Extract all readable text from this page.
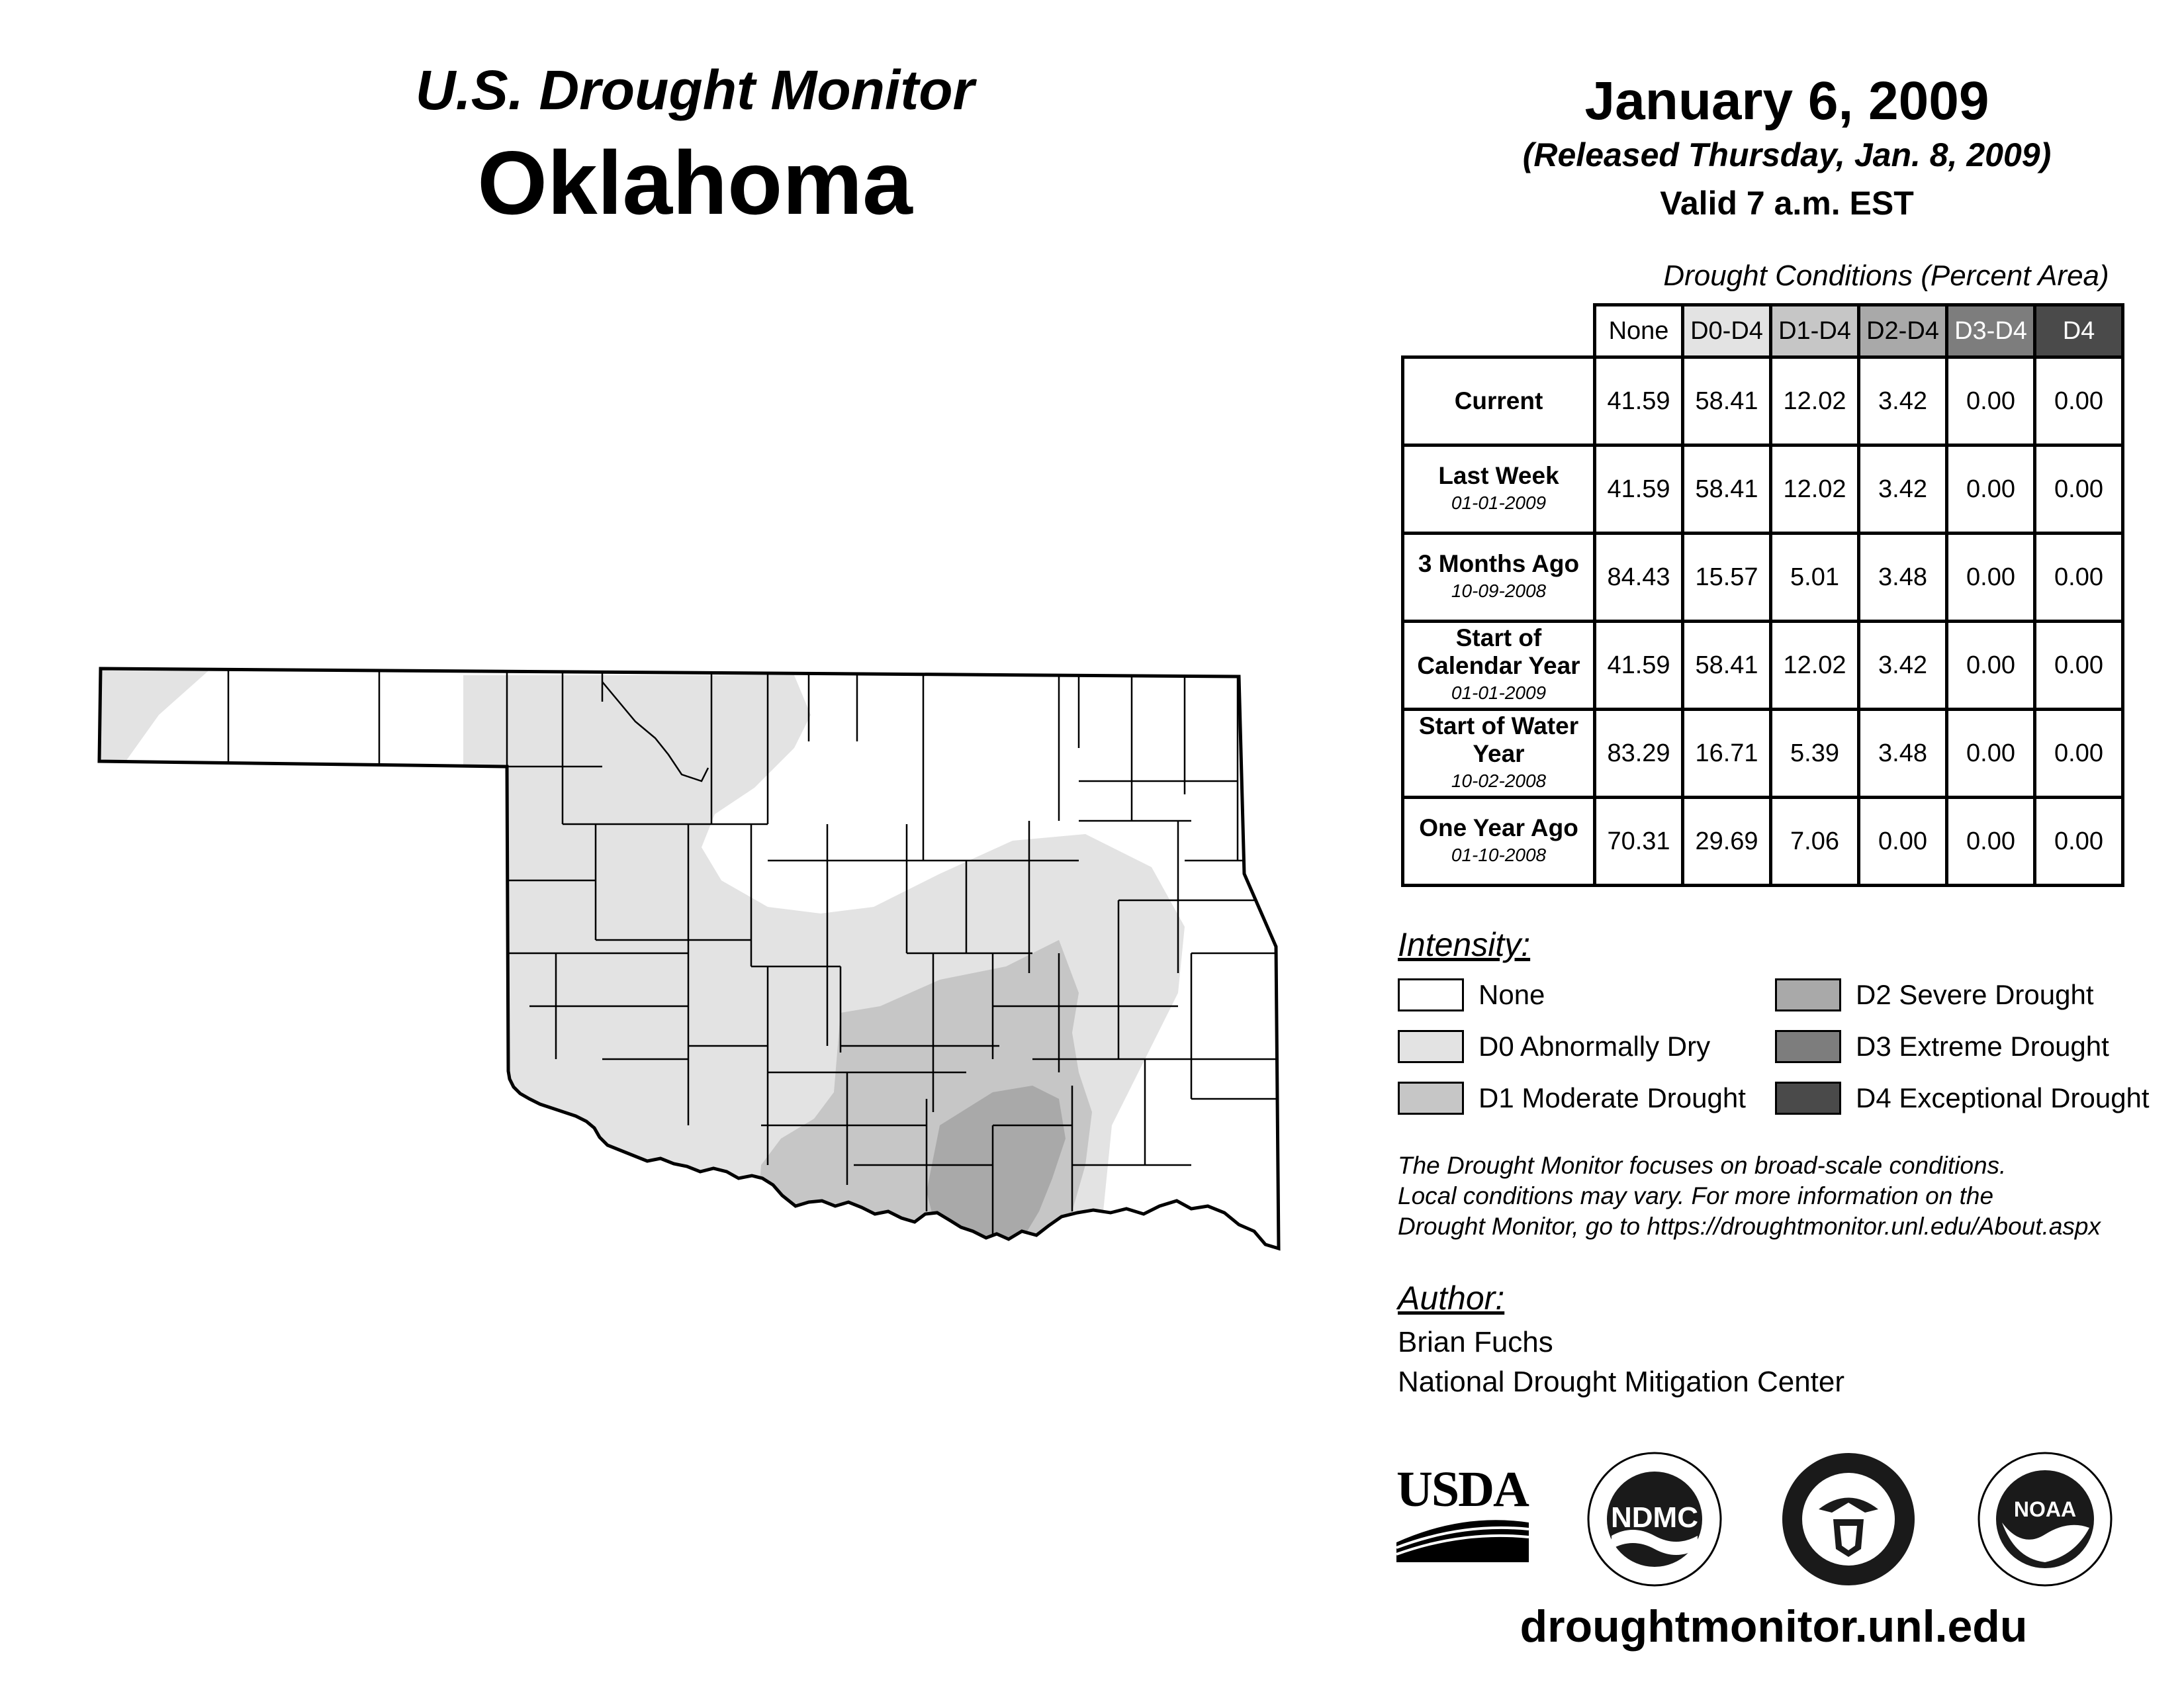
U.S. Drought Monitor
Oklahoma
January 6, 2009
(Released Thursday, Jan. 8, 2009)
Valid 7 a.m. EST
Drought Conditions (Percent Area)
	None	D0-D4	D1-D4	D2-D4	D3-D4	D4
Current	41.59	58.41	12.02	3.42	0.00	0.00
Last Week
01-01-2009	41.59	58.41	12.02	3.42	0.00	0.00
3 Months Ago
10-09-2008	84.43	15.57	5.01	3.48	0.00	0.00
Start of Calendar Year
01-01-2009	41.59	58.41	12.02	3.42	0.00	0.00
Start of Water Year
10-02-2008	83.29	16.71	5.39	3.48	0.00	0.00
One Year Ago
01-10-2008	70.31	29.69	7.06	0.00	0.00	0.00
Intensity:
None
D0 Abnormally Dry
D1 Moderate Drought
D2 Severe Drought
D3 Extreme Drought
D4 Exceptional Drought
The Drought Monitor focuses on broad-scale conditions.
Local conditions may vary. For more information on the
Drought Monitor, go to https://droughtmonitor.unl.edu/About.aspx
Author:
Brian Fuchs
National Drought Mitigation Center
USDA
NDMC	NOAA
droughtmonitor.unl.edu
